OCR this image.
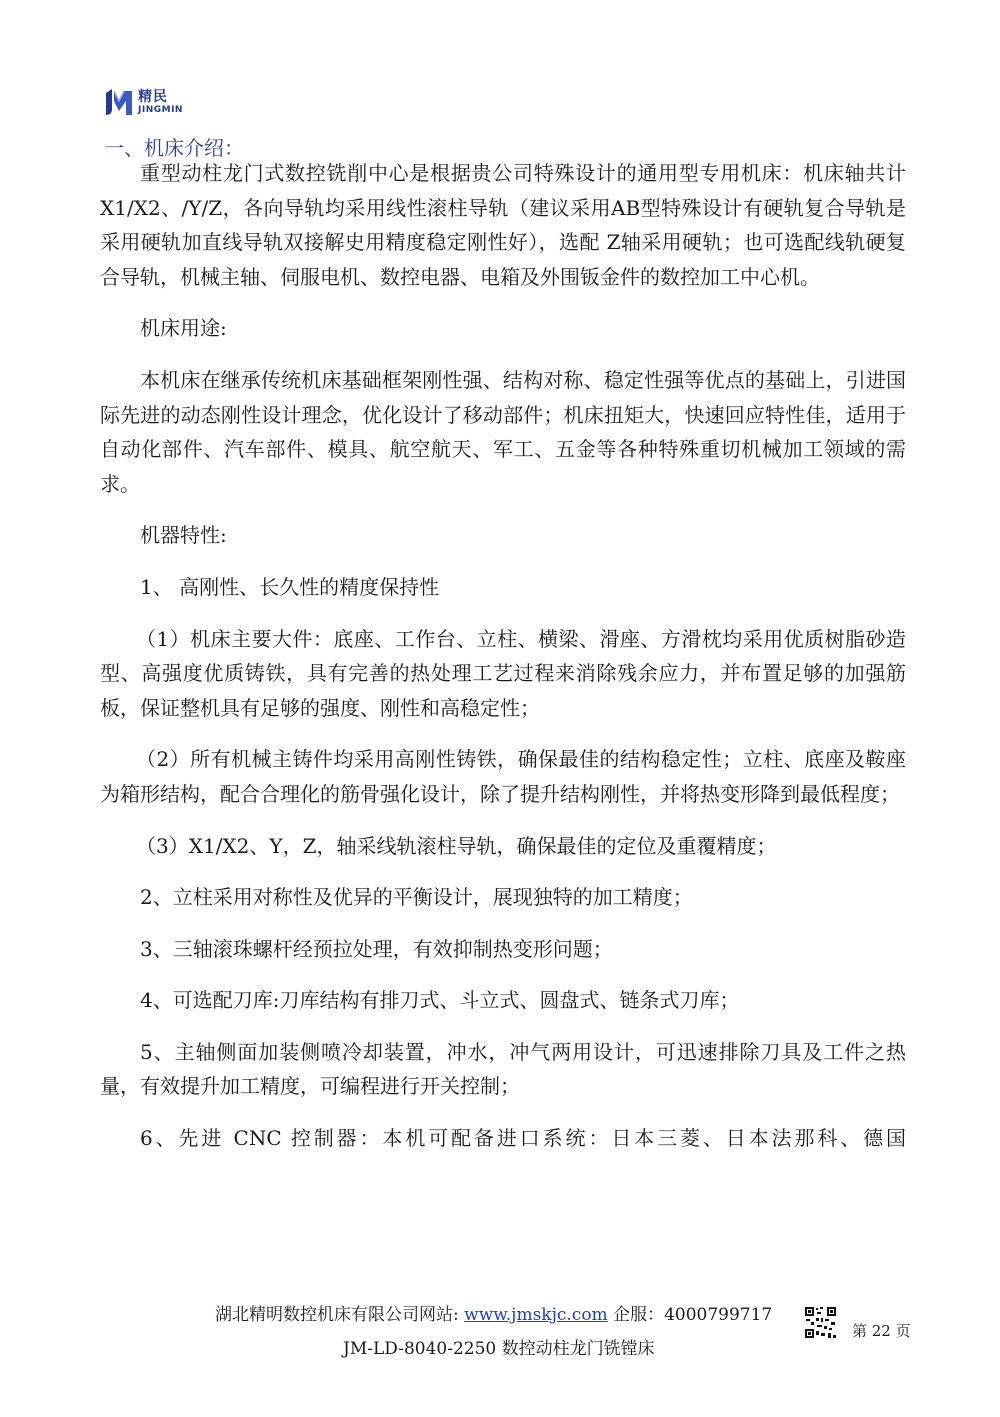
精民
JINGMIN
一、机床介绍：

重型动柱龙门式数控铣削中心是根据贵公司特殊设计的通用型专用机床：机床轴共计 X1/X2、/Y/Z，各向导轨均采用线性滚柱导轨（建议采用AB型特殊设计有硬轨复合导轨是采用硬轨加直线导轨双接解史用精度稳定刚性好），选配 Z轴采用硬轨；也可选配线轨硬复合导轨，机械主轴、伺服电机、数控电器、电箱及外围钣金件的数控加工中心机。

机床用途:

本机床在继承传统机床基础框架刚性强、结构对称、稳定性强等优点的基础上，引进国际先进的动态刚性设计理念，优化设计了移动部件；机床扭矩大，快速回应特性佳，适用于自动化部件、汽车部件、模具、航空航天、军工、五金等各种特殊重切机械加工领域的需求。

机器特性:

1、 高刚性、长久性的精度保持性

（1）机床主要大件：底座、工作台、立柱、横梁、滑座、方滑枕均采用优质树脂砂造型、高强度优质铸铁，具有完善的热处理工艺过程来消除残余应力，并布置足够的加强筋板，保证整机具有足够的强度、刚性和高稳定性；

（2）所有机械主铸件均采用高刚性铸铁，确保最佳的结构稳定性；立柱、底座及鞍座为箱形结构，配合合理化的筋骨强化设计，除了提升结构刚性，并将热变形降到最低程度；

（3）X1/X2、Y，Z，轴采线轨滚柱导轨，确保最佳的定位及重覆精度；

2、立柱采用对称性及优异的平衡设计，展现独特的加工精度；

3、三轴滚珠螺杆经预拉处理，有效抑制热变形问题；

4、可选配刀库:刀库结构有排刀式、斗立式、圆盘式、链条式刀库；

5、主轴侧面加装侧喷冷却装置，冲水，冲气两用设计，可迅速排除刀具及工件之热量，有效提升加工精度，可编程进行开关控制；

6、先进 CNC 控制器：本机可配备进口系统：日本三菱、日本法那科、德国

湖北精明数控机床有限公司网站: www.jmskjc.com 企服：4000799717
JM-LD-8040-2250 数控动柱龙门铣镗床
第 22 页
